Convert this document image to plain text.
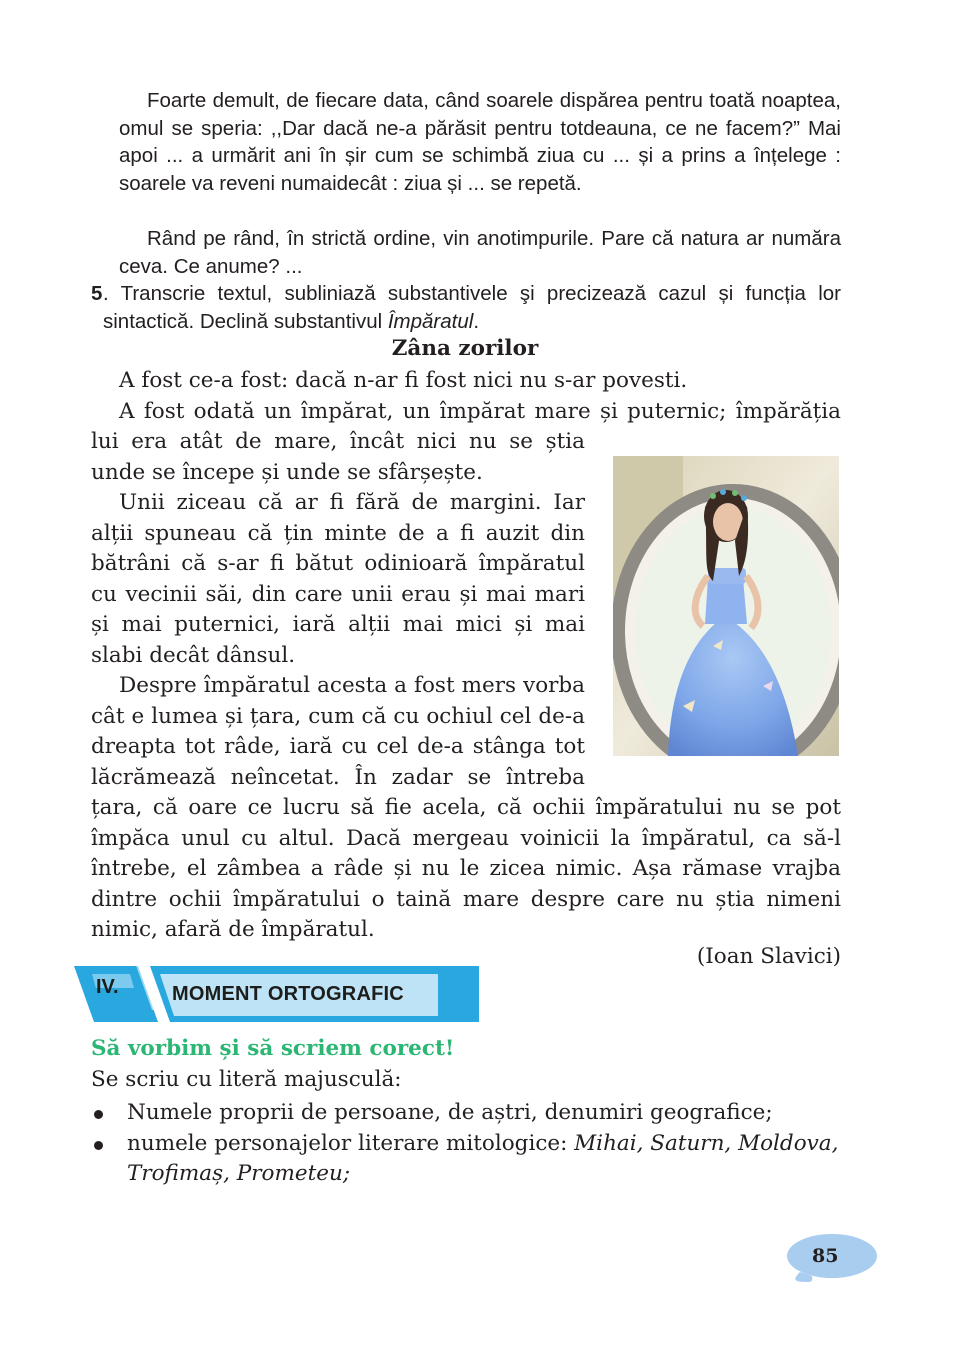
Foarte demult, de fiecare data, când soarele dispărea pentru toată noaptea, omul se speria: ,,Dar dacă ne-a părăsit pentru totdeauna, ce ne facem?” Mai apoi ... a urmărit ani în șir cum se schimbă ziua cu ... și a prins a înțelege : soarele va reveni numaidecât : ziua și ... se repetă.
Rând pe rând, în strictă ordine, vin anotimpurile. Pare că natura ar număra ceva. Ce anume? ...
5 . Transcrie textul, subliniază substantivele şi precizează cazul și funcția lor sintactică. Declină substantivul Împăratul.
Zâna zorilor

A fost ce-a fost: dacă n-ar fi fost nici nu s-ar povesti.

A fost odată un împărat, un împărat mare și puternic; împărăția

lui era atât de mare, încât nici nu se știa unde se începe și unde se sfârșește.

Unii ziceau că ar fi fără de margini. Iar alții spuneau că țin minte de a fi auzit din bătrâni că s-ar fi bătut odinioară împăratul cu vecinii săi, din care unii erau și mai mari și mai puternici, iară alții mai mici și mai slabi decât dânsul.

Despre împăratul acesta a fost mers vorba cât e lumea și țara, cum că cu ochiul cel de-a dreapta tot râde, iară cu cel de-a stânga tot lăcrămează neîncetat. În zadar se întreba

țara, că oare ce lucru să fie acela, că ochii împăratului nu se pot împăca unul cu altul. Dacă mergeau voinicii la împăratul, ca să-l întrebe, el zâmbea a râde și nu le zicea nimic. Așa rămase vrajba dintre ochii împăratului o taină mare despre care nu știa nimeni nimic, afară de împăratul.

(Ioan Slavici)
IV.	MOMENT ORTOGRAFIC
Să vorbim și să scriem corect!
Se scriu cu literă majusculă:
Numele proprii de persoane, de aștri, denumiri geografice;
numele personajelor literare mitologice: Mihai, Saturn, Moldova, Trofimaș, Prometeu;
85
